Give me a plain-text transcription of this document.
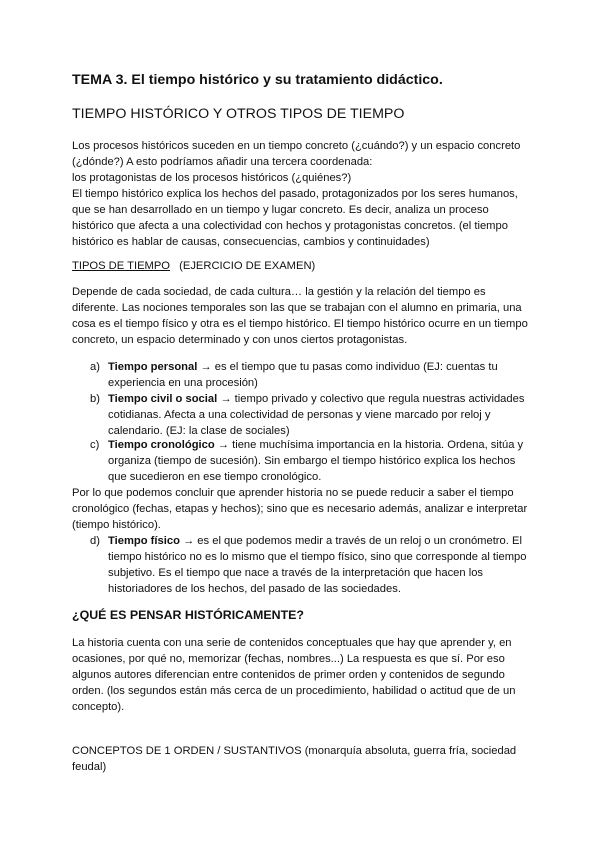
TEMA 3. El tiempo histórico y su tratamiento didáctico.
TIEMPO HISTÓRICO Y OTROS TIPOS DE TIEMPO
Los procesos históricos suceden en un tiempo concreto (¿cuándo?) y un espacio concreto
(¿dónde?) A esto podríamos añadir una tercera coordenada:
los protagonistas de los procesos históricos (¿quiénes?)
El tiempo histórico explica los hechos del pasado, protagonizados por los seres humanos,
que se han desarrollado en un tiempo y lugar concreto. Es decir, analiza un proceso
histórico que afecta a una colectividad con hechos y protagonistas concretos. (el tiempo
histórico es hablar de causas, consecuencias, cambios y continuidades)
TIPOS DE TIEMPO (EJERCICIO DE EXAMEN)
Depende de cada sociedad, de cada cultura… la gestión y la relación del tiempo es
diferente. Las nociones temporales son las que se trabajan con el alumno en primaria, una
cosa es el tiempo físico y otra es el tiempo histórico. El tiempo histórico ocurre en un tiempo
concreto, un espacio determinado y con unos ciertos protagonistas.
a) Tiempo personal → es el tiempo que tu pasas como individuo (EJ: cuentas tu
experiencia en una procesión)
b) Tiempo civil o social → tiempo privado y colectivo que regula nuestras actividades
cotidianas. Afecta a una colectividad de personas y viene marcado por reloj y
calendario. (EJ: la clase de sociales)
c) Tiempo cronológico → tiene muchísima importancia en la historia. Ordena, sitúa y
organiza (tiempo de sucesión). Sin embargo el tiempo histórico explica los hechos
que sucedieron en ese tiempo cronológico.
Por lo que podemos concluir que aprender historia no se puede reducir a saber el tiempo
cronológico (fechas, etapas y hechos); sino que es necesario además, analizar e interpretar
(tiempo histórico).
d) Tiempo físico → es el que podemos medir a través de un reloj o un cronómetro. El
tiempo histórico no es lo mismo que el tiempo físico, sino que corresponde al tiempo
subjetivo. Es el tiempo que nace a través de la interpretación que hacen los
historiadores de los hechos, del pasado de las sociedades.
¿QUÉ ES PENSAR HISTÓRICAMENTE?
La historia cuenta con una serie de contenidos conceptuales que hay que aprender y, en
ocasiones, por qué no, memorizar (fechas, nombres...) La respuesta es que sí. Por eso
algunos autores diferencian entre contenidos de primer orden y contenidos de segundo
orden. (los segundos están más cerca de un procedimiento, habilidad o actitud que de un
concepto).
CONCEPTOS DE 1 ORDEN / SUSTANTIVOS (monarquía absoluta, guerra fría, sociedad
feudal)
